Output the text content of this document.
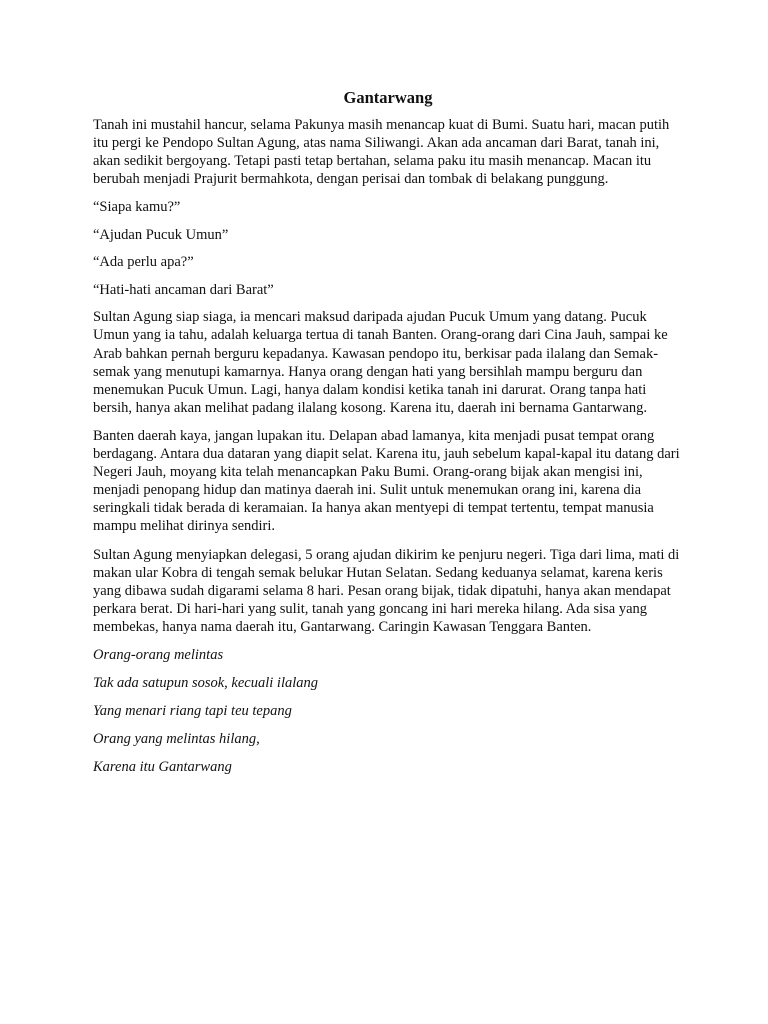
Gantarwang

Tanah ini mustahil hancur, selama Pakunya masih menancap kuat di Bumi. Suatu hari, macan putih itu pergi ke Pendopo Sultan Agung, atas nama Siliwangi. Akan ada ancaman dari Barat, tanah ini, akan sedikit bergoyang. Tetapi pasti tetap bertahan, selama paku itu masih menancap. Macan itu berubah menjadi Prajurit bermahkota, dengan perisai dan tombak di belakang punggung.

“Siapa kamu?”

“Ajudan Pucuk Umun”

“Ada perlu apa?”

“Hati-hati ancaman dari Barat”

Sultan Agung siap siaga, ia mencari maksud daripada ajudan Pucuk Umum yang datang. Pucuk Umun yang ia tahu, adalah keluarga tertua di tanah Banten. Orang-orang dari Cina Jauh, sampai ke Arab bahkan pernah berguru kepadanya. Kawasan pendopo itu, berkisar pada ilalang dan Semak-semak yang menutupi kamarnya. Hanya orang dengan hati yang bersihlah mampu berguru dan menemukan Pucuk Umun. Lagi, hanya dalam kondisi ketika tanah ini darurat. Orang tanpa hati bersih, hanya akan melihat padang ilalang kosong. Karena itu, daerah ini bernama Gantarwang.

Banten daerah kaya, jangan lupakan itu. Delapan abad lamanya, kita menjadi pusat tempat orang berdagang. Antara dua dataran yang diapit selat. Karena itu, jauh sebelum kapal-kapal itu datang dari Negeri Jauh, moyang kita telah menancapkan Paku Bumi. Orang-orang bijak akan mengisi ini, menjadi penopang hidup dan matinya daerah ini. Sulit untuk menemukan orang ini, karena dia seringkali tidak berada di keramaian. Ia hanya akan mentyepi di tempat tertentu, tempat manusia mampu melihat dirinya sendiri.

Sultan Agung menyiapkan delegasi, 5 orang ajudan dikirim ke penjuru negeri. Tiga dari lima, mati di makan ular Kobra di tengah semak belukar Hutan Selatan. Sedang keduanya selamat, karena keris yang dibawa sudah digarami selama 8 hari. Pesan orang bijak, tidak dipatuhi, hanya akan mendapat perkara berat. Di hari-hari yang sulit, tanah yang goncang ini hari mereka hilang. Ada sisa yang membekas, hanya nama daerah itu, Gantarwang. Caringin Kawasan Tenggara Banten.

Orang-orang melintas

Tak ada satupun sosok, kecuali ilalang

Yang menari riang tapi teu tepang

Orang yang melintas hilang,

Karena itu Gantarwang
